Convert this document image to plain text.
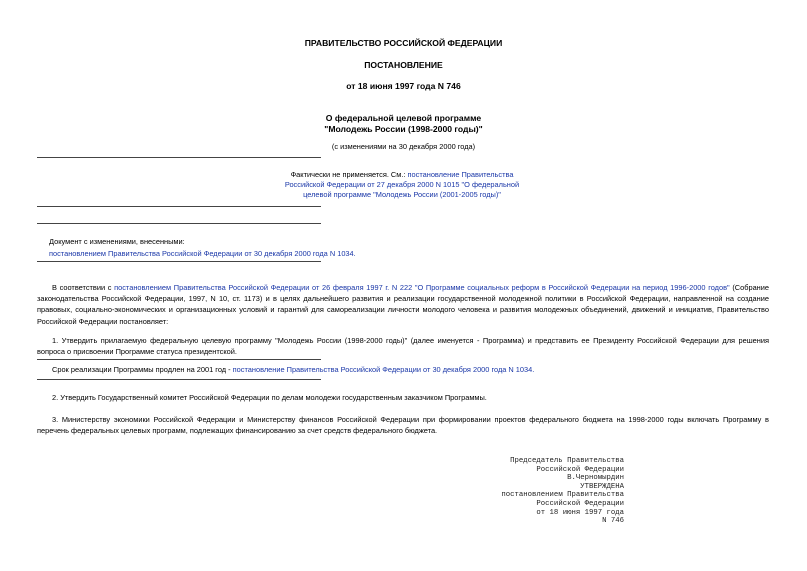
ПРАВИТЕЛЬСТВО РОССИЙСКОЙ ФЕДЕРАЦИИ
ПОСТАНОВЛЕНИЕ
от 18 июня 1997 года N 746
О федеральной целевой программе
"Молодежь России (1998-2000 годы)"
(с изменениями на 30 декабря 2000 года)
Фактически не применяется. См.: постановление Правительства Российской Федерации от 27 декабря 2000 N 1015 "О федеральной целевой программе "Молодежь России (2001-2005 годы)"
Документ с изменениями, внесенными:
постановлением Правительства Российской Федерации от 30 декабря 2000 года N 1034.
В соответствии с постановлением Правительства Российской Федерации от 26 февраля 1997 г. N 222 "О Программе социальных реформ в Российской Федерации на период 1996-2000 годов" (Собрание законодательства Российской Федерации, 1997, N 10, ст. 1173) и в целях дальнейшего развития и реализации государственной молодежной политики в Российской Федерации, направленной на создание правовых, социально-экономических и организационных условий и гарантий для самореализации личности молодого человека и развития молодежных объединений, движений и инициатив, Правительство Российской Федерации постановляет:
1. Утвердить прилагаемую федеральную целевую программу "Молодежь России (1998-2000 годы)" (далее именуется - Программа) и представить ее Президенту Российской Федерации для решения вопроса о присвоении Программе статуса президентской.
Срок реализации Программы продлен на 2001 год - постановление Правительства Российской Федерации от 30 декабря 2000 года N 1034.
2. Утвердить Государственный комитет Российской Федерации по делам молодежи государственным заказчиком Программы.
3. Министерству экономики Российской Федерации и Министерству финансов Российской Федерации при формировании проектов федерального бюджета на 1998-2000 годы включать Программу в перечень федеральных целевых программ, подлежащих финансированию за счет средств федерального бюджета.
Председатель Правительства
Российской Федерации
В.Черномырдин
УТВЕРЖДЕНА
постановлением Правительства
Российской Федерации
от 18 июня 1997 года
N 746
